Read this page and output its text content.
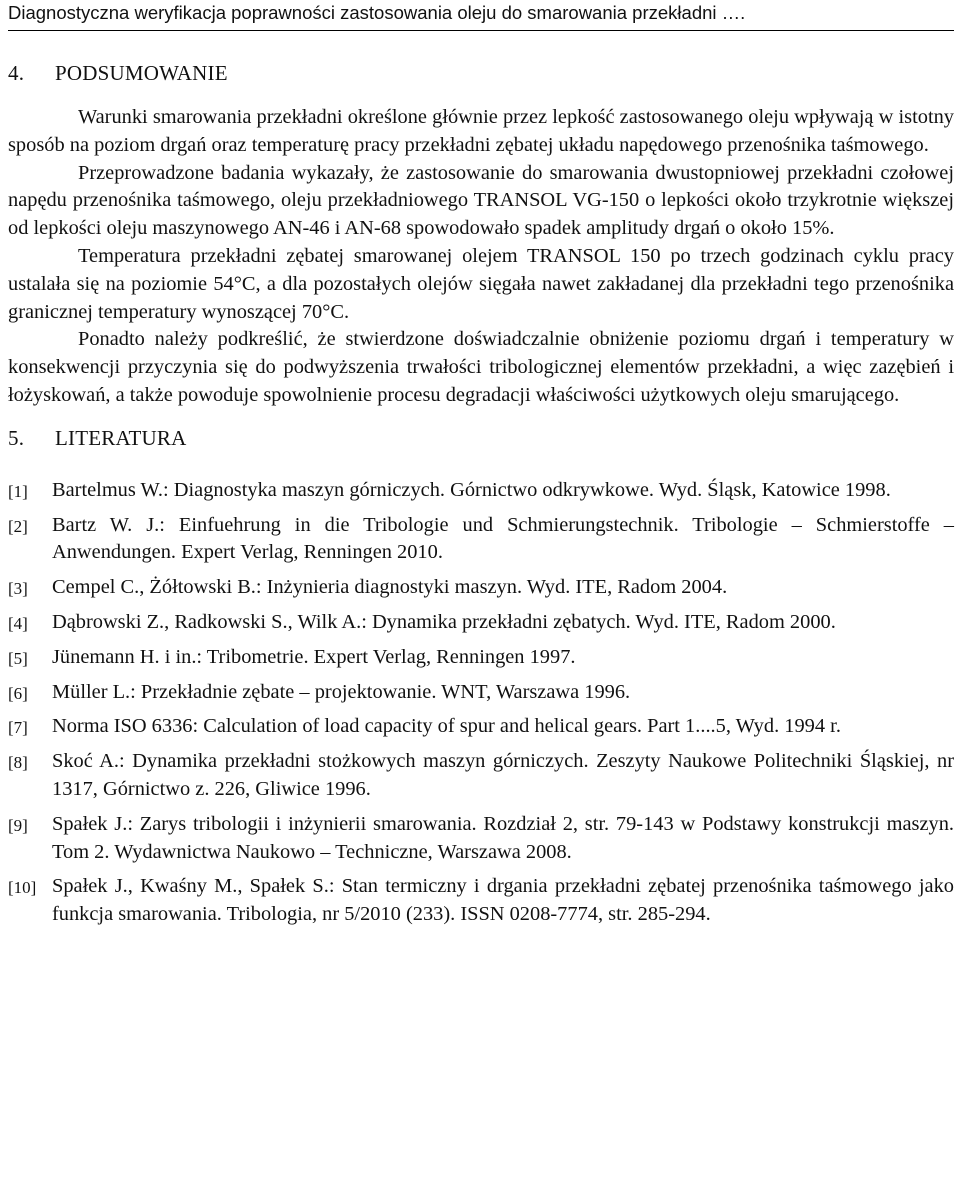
Diagnostyczna weryfikacja poprawności zastosowania oleju do smarowania przekładni ….
4. PODSUMOWANIE

Warunki smarowania przekładni określone głównie przez lepkość zastosowanego oleju wpływają w istotny sposób na poziom drgań oraz temperaturę pracy przekładni zębatej układu napędowego przenośnika taśmowego.

Przeprowadzone badania wykazały, że zastosowanie do smarowania dwustopniowej przekładni czołowej napędu przenośnika taśmowego, oleju przekładniowego TRANSOL VG-150 o lepkości około trzykrotnie większej od lepkości oleju maszynowego AN-46 i AN-68 spowodowało spadek amplitudy drgań o około 15%.

Temperatura przekładni zębatej smarowanej olejem TRANSOL 150 po trzech godzinach cyklu pracy ustalała się na poziomie 54°C, a dla pozostałych olejów sięgała nawet zakładanej dla przekładni tego przenośnika granicznej temperatury wynoszącej 70°C.

Ponadto należy podkreślić, że stwierdzone doświadczalnie obniżenie poziomu drgań i temperatury w konsekwencji przyczynia się do podwyższenia trwałości tribologicznej elementów przekładni, a więc zazębień i łożyskowań, a także powoduje spowolnienie procesu degradacji właściwości użytkowych oleju smarującego.

5. LITERATURA
[1] Bartelmus W.: Diagnostyka maszyn górniczych. Górnictwo odkrywkowe. Wyd. Śląsk, Katowice 1998.
[2] Bartz W. J.: Einfuehrung in die Tribologie und Schmierungstechnik. Tribologie – Schmierstoffe – Anwendungen. Expert Verlag, Renningen 2010.
[3] Cempel C., Żółtowski B.: Inżynieria diagnostyki maszyn. Wyd. ITE, Radom 2004.
[4] Dąbrowski Z., Radkowski S., Wilk A.: Dynamika przekładni zębatych. Wyd. ITE, Radom 2000.
[5] Jünemann H. i in.: Tribometrie. Expert Verlag, Renningen 1997.
[6] Müller L.: Przekładnie zębate – projektowanie. WNT, Warszawa 1996.
[7] Norma ISO 6336: Calculation of load capacity of spur and helical gears. Part 1....5, Wyd. 1994 r.
[8] Skoć A.: Dynamika przekładni stożkowych maszyn górniczych. Zeszyty Naukowe Politechniki Śląskiej, nr 1317, Górnictwo z. 226, Gliwice 1996.
[9] Spałek J.: Zarys tribologii i inżynierii smarowania. Rozdział 2, str. 79-143 w Podstawy konstrukcji maszyn. Tom 2. Wydawnictwa Naukowo – Techniczne, Warszawa 2008.
[10] Spałek J., Kwaśny M., Spałek S.: Stan termiczny i drgania przekładni zębatej przenośnika taśmowego jako funkcja smarowania. Tribologia, nr 5/2010 (233). ISSN 0208-7774, str. 285-294.
